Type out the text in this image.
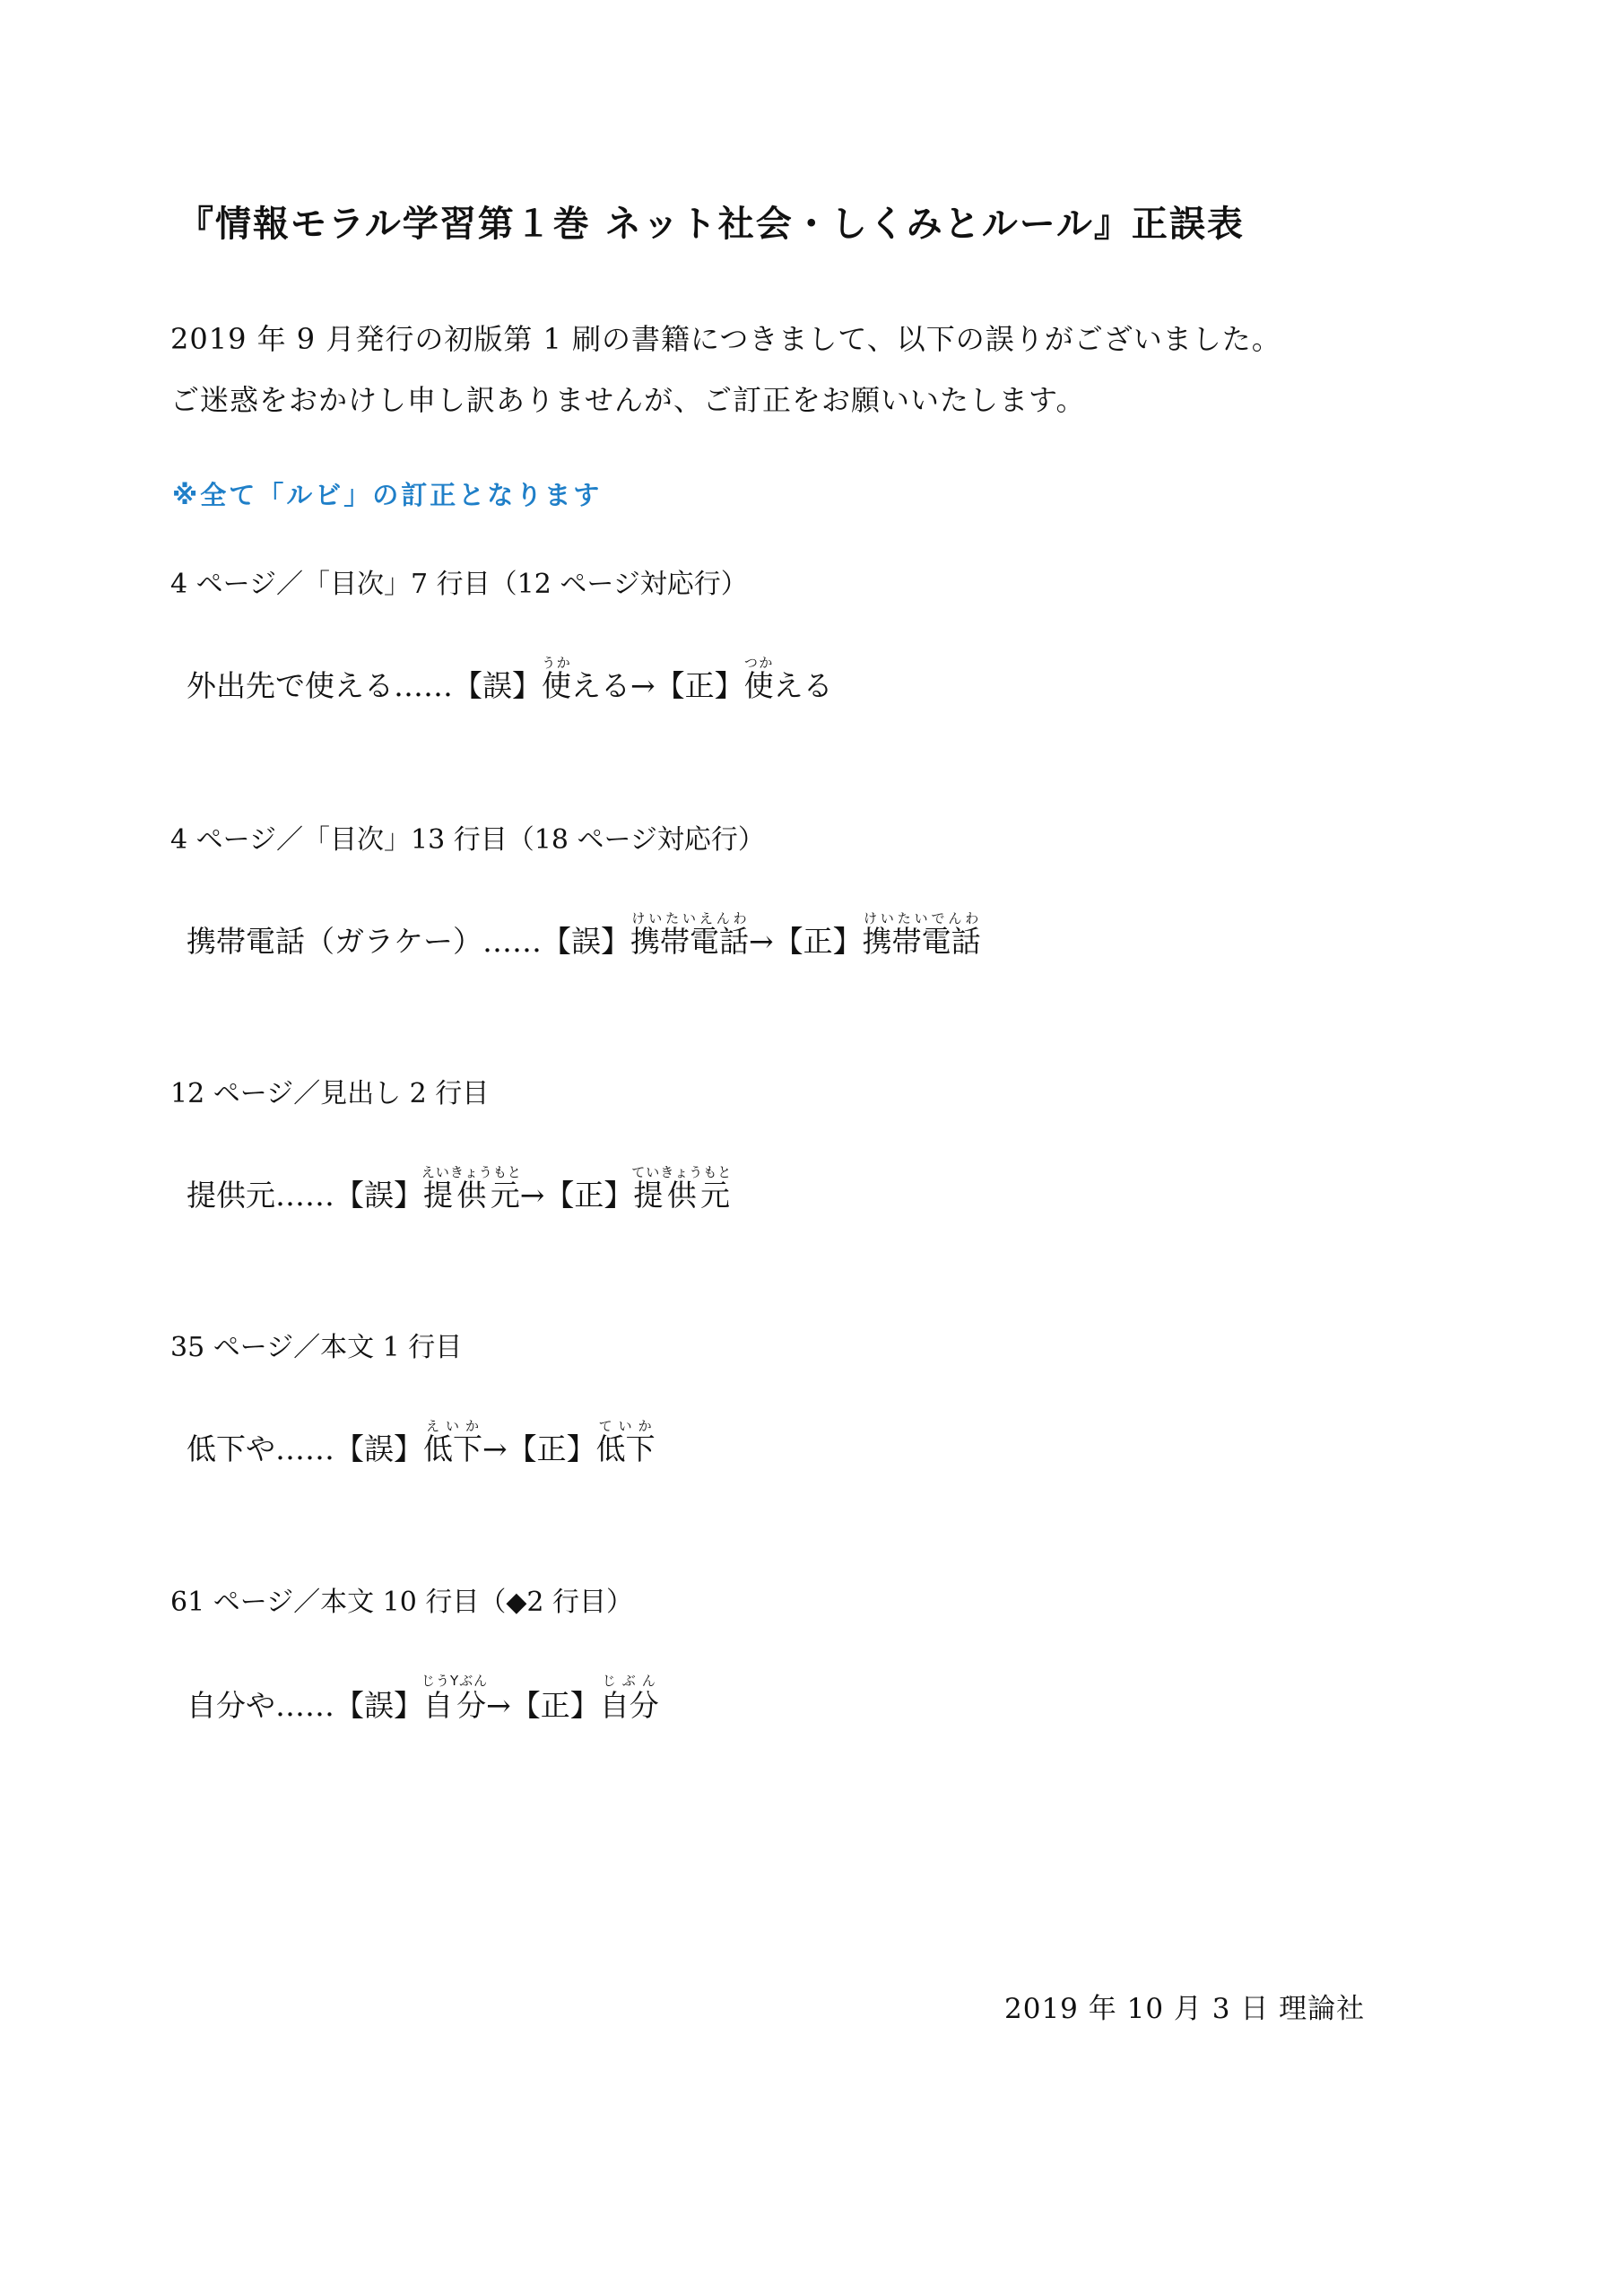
『情報モラル学習第１巻 ネット社会・しくみとルール』正誤表
2019 年 9 月発行の初版第 1 刷の書籍につきまして、以下の誤りがございました。
ご迷惑をおかけし申し訳ありませんが、ご訂正をお願いいたします。
※全て「ルビ」の訂正となります
4 ページ／「目次」7 行目（12 ページ対応行）
外出先で使える……【誤】使うかえる→【正】使つかえる
4 ページ／「目次」13 行目（18 ページ対応行）
携帯電話（ガラケー）……【誤】携帯電話けいたいえんわ→【正】携帯電話けいたいでんわ
12 ページ／見出し 2 行目
提供元……【誤】提供元えいきょうもと→【正】提供元ていきょうもと
35 ページ／本文 1 行目
低下や……【誤】低下えいか→【正】低下ていか
61 ページ／本文 10 行目（◆2 行目）
自分や……【誤】自分じうYぶん→【正】自分じぶん
2019 年 10 月 3 日 理論社
